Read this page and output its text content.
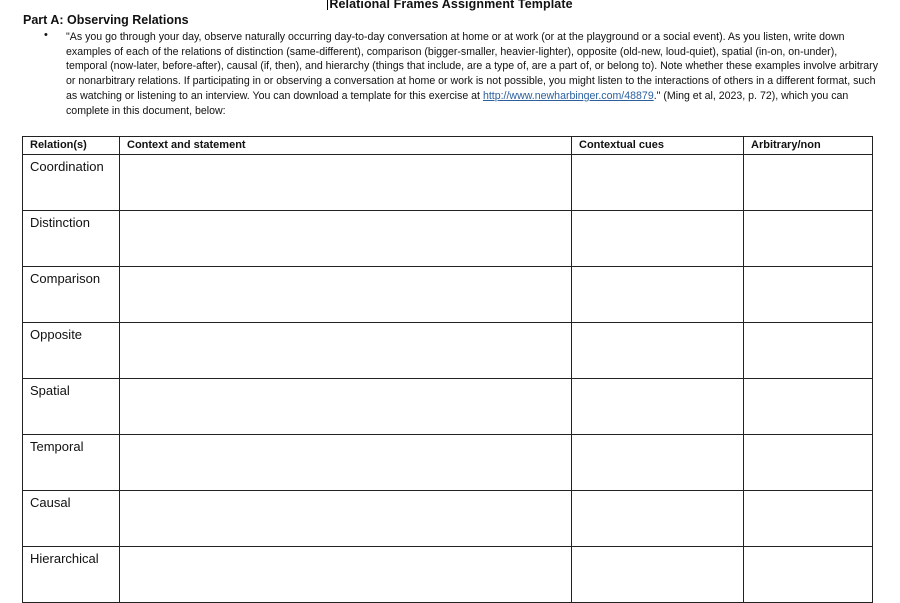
Relational Frames Assignment Template
Part A: Observing Relations
• "As you go through your day, observe naturally occurring day-to-day conversation at home or at work (or at the playground or a social event). As you listen, write down examples of each of the relations of distinction (same-different), comparison (bigger-smaller, heavier-lighter), opposite (old-new, loud-quiet), spatial (in-on, on-under), temporal (now-later, before-after), causal (if, then), and hierarchy (things that include, are a type of, are a part of, or belong to). Note whether these examples involve arbitrary or nonarbitrary relations. If participating in or observing a conversation at home or work is not possible, you might listen to the interactions of others in a different format, such as watching or listening to an interview. You can download a template for this exercise at http://www.newharbinger.com/48879." (Ming et al, 2023, p. 72), which you can complete in this document, below:

Relation(s)	Context and statement	Contextual cues	Arbitrary/non
Coordination			
Distinction			
Comparison			
Opposite			
Spatial			
Temporal			
Causal			
Hierarchical			
